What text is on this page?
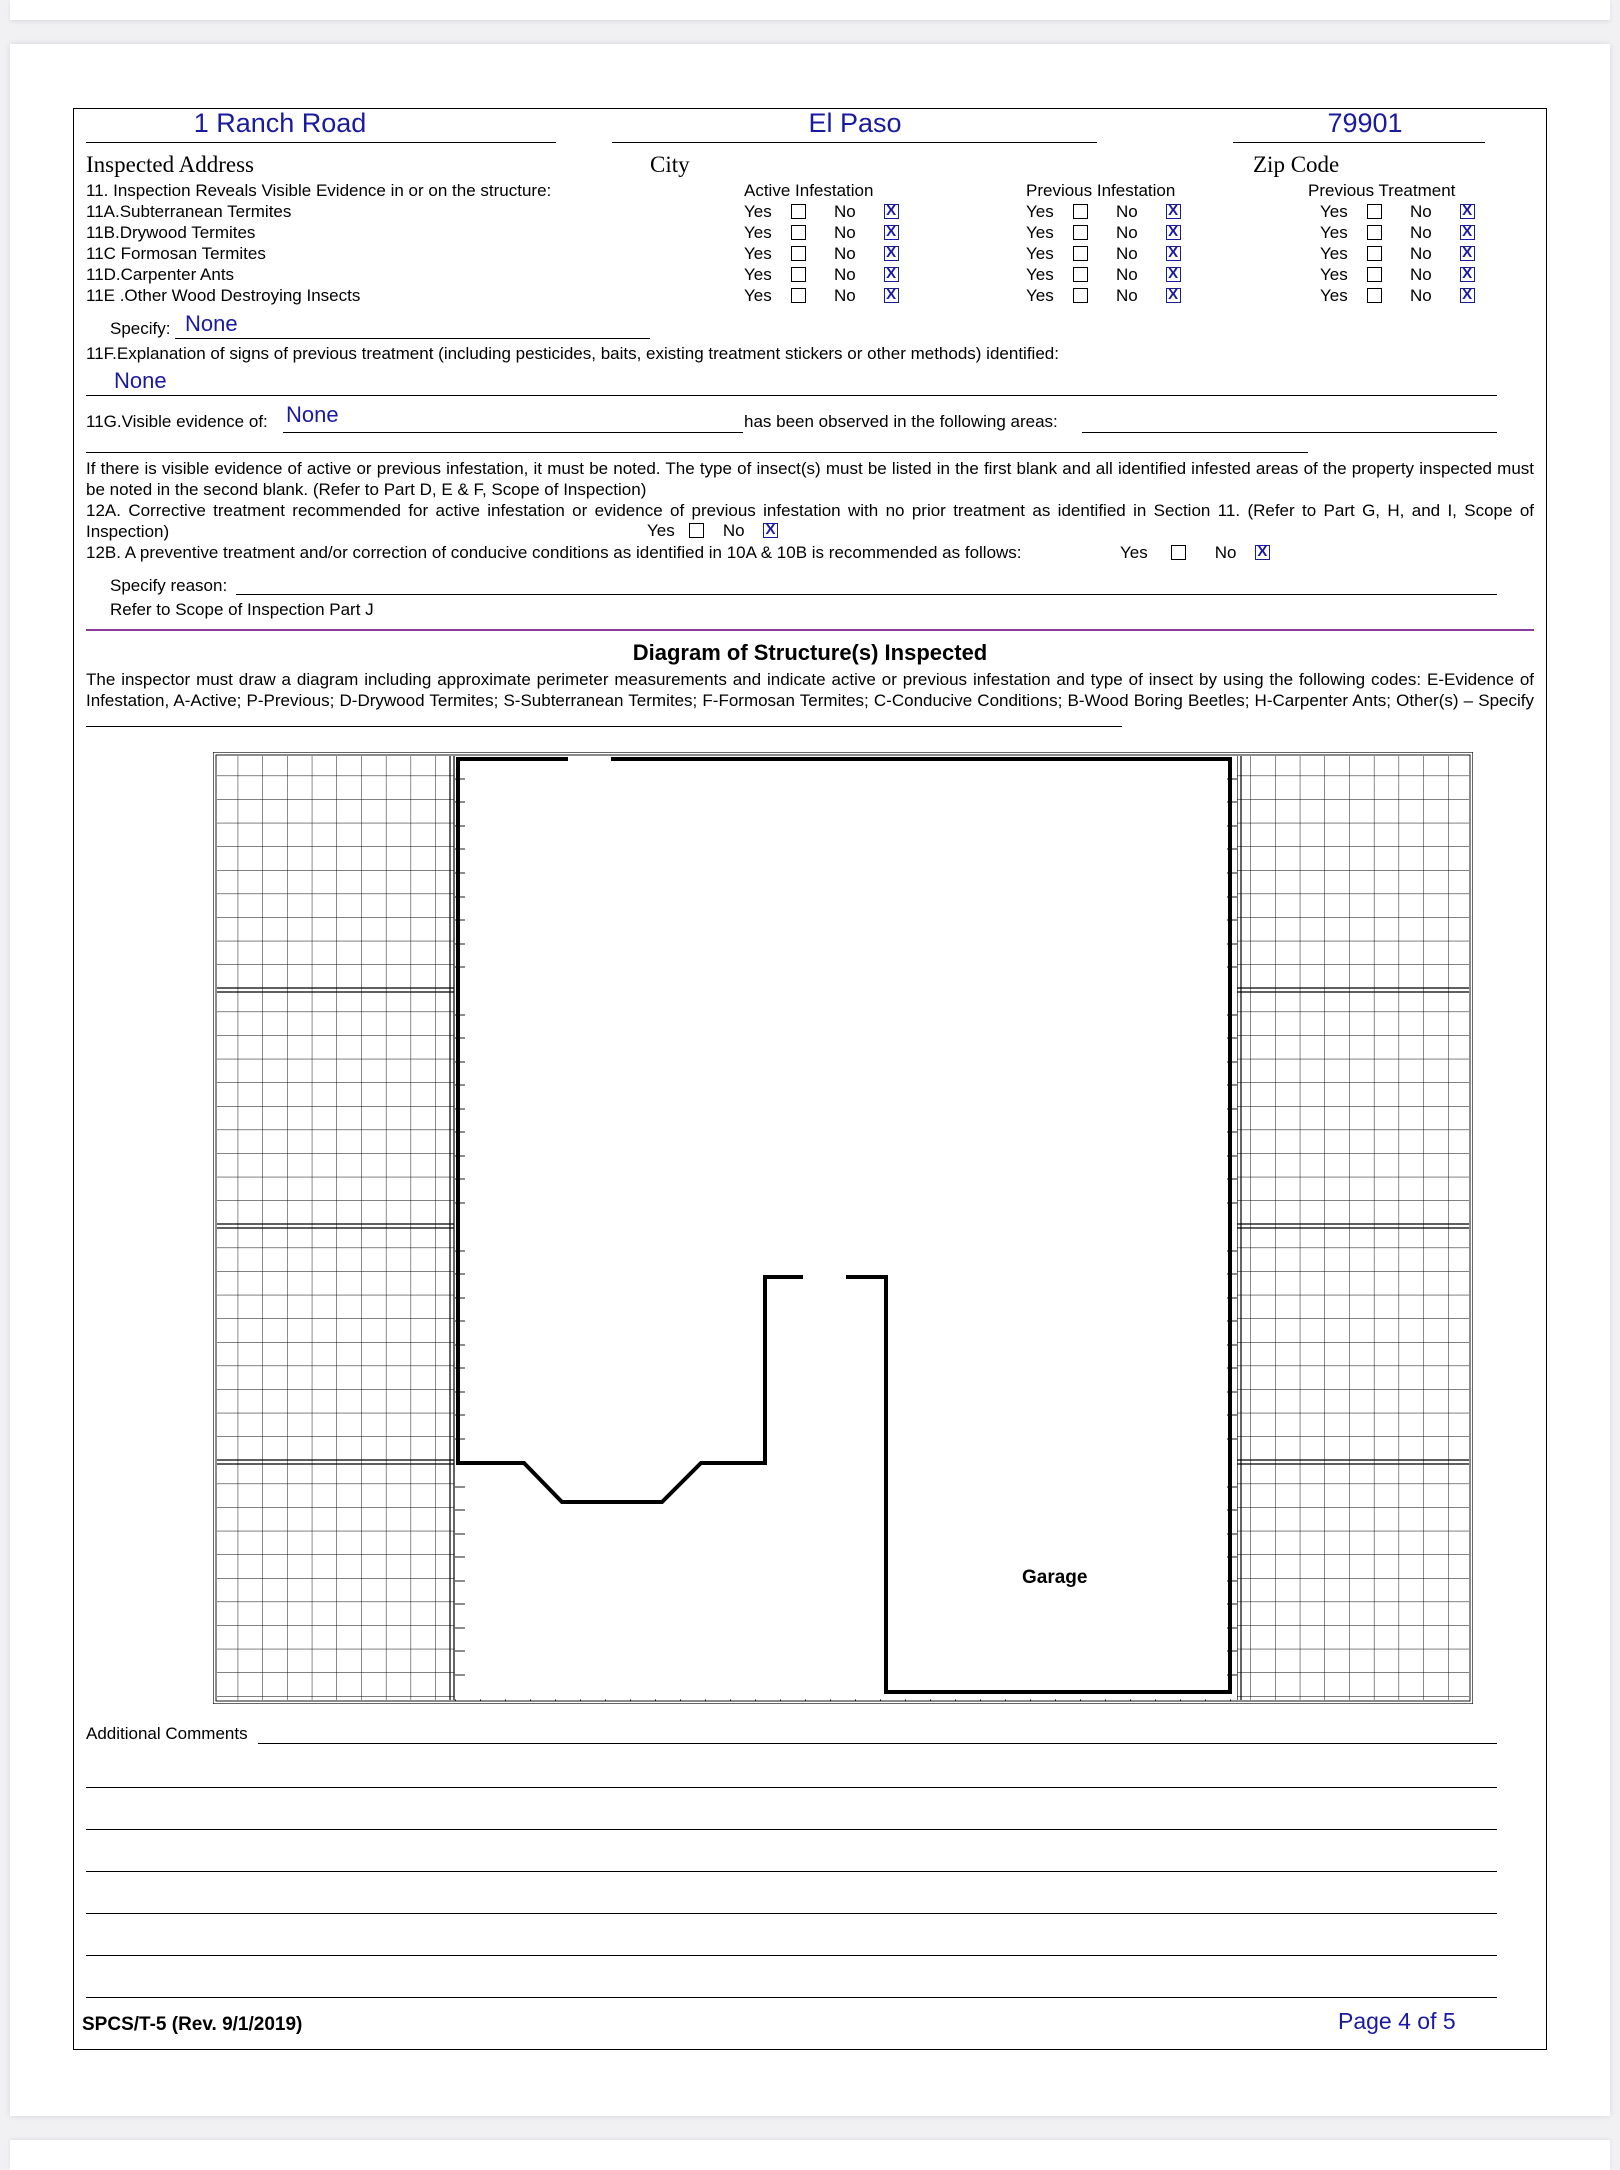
1 Ranch Road	El Paso	79901
Inspected Address	City	Zip Code
11. Inspection Reveals Visible Evidence in or on the structure:	Active Infestation	Previous Infestation	Previous Treatment
11A.Subterranean Termites	Yes	No X	Yes	No X	Yes	No      X
11B.Drywood Termites	Yes	No X	Yes	No X	Yes	No      X
11C Formosan Termites	Yes	No X	Yes	No X	Yes	No      X
11D.Carpenter Ants	Yes	No X	Yes	No X	Yes	No      X
11E .Other Wood Destroying Insects	Yes	No X	Yes	No X	Yes	No      X
Specify: None
11F.Explanation of signs of previous treatment (including pesticides, baits, existing treatment stickers or other methods) identified:
None
11G.Visible evidence of: None	has been observed in the following areas:
If there is visible evidence of active or previous infestation, it must be noted. The type of insect(s) must be listed in the first blank and all identified infested areas of the property inspected must be noted in the second blank. (Refer to Part D, E & F, Scope of Inspection)
12A. Corrective treatment recommended for active infestation or evidence of previous infestation with no prior treatment as identified in Section 11. (Refer to Part G, H, and I, Scope of Inspection)	Yes	No    X
12B. A preventive treatment and/or correction of conducive conditions as identified in 10A & 10B is recommended as follows:	Yes	No    X
Specify reason:
Refer to Scope of Inspection Part J
Diagram of Structure(s) Inspected
The inspector must draw a diagram including approximate perimeter measurements and indicate active or previous infestation and type of insect by using the following codes: E-Evidence of Infestation, A-Active; P-Previous; D-Drywood Termites; S-Subterranean Termites; F-Formosan Termites; C-Conducive Conditions; B-Wood Boring Beetles; H-Carpenter Ants; Other(s) – Specify
Garage
Additional Comments
SPCS/T-5 (Rev. 9/1/2019)	Page 4 of 5
